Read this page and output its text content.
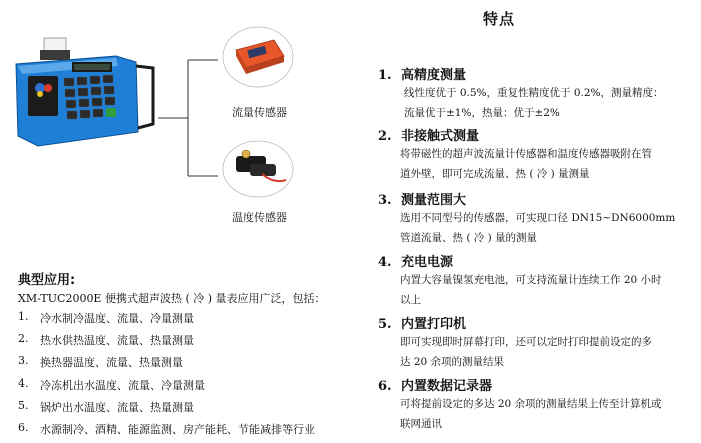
流量传感器
温度传感器
典型应用:
XM-TUC2000E 便携式超声波热 ( 冷 ) 量表应用广泛，包括：
1.	冷水制冷温度、流量、冷量测量
2.	热水供热温度、流量、热量测量
3.	换热器温度、流量、热量测量
4.	冷冻机出水温度、流量、冷量测量
5.	锅炉出水温度、流量、热量测量
6.	水源制冷、酒精、能源监测、房产能耗、节能减排等行业
特点
1. 高精度测量
线性度优于 0.5%，重复性精度优于 0.2%，测量精度：
流量优于±1%，热量：优于±2%
2. 非接触式测量
将带磁性的超声波流量计传感器和温度传感器吸附在管
道外壁，即可完成流量、热 ( 冷 ) 量测量
3. 测量范围大
选用不同型号的传感器，可实现口径 DN15~DN6000mm
管道流量、热 ( 冷 ) 量的测量
4. 充电电源
内置大容量镍氢充电池，可支持流量计连续工作 20 小时
以上
5. 内置打印机
即可实现即时屏幕打印，还可以定时打印提前设定的多
达 20 余项的测量结果
6. 内置数据记录器
可将提前设定的多达 20 余项的测量结果上传至计算机或
联网通讯
